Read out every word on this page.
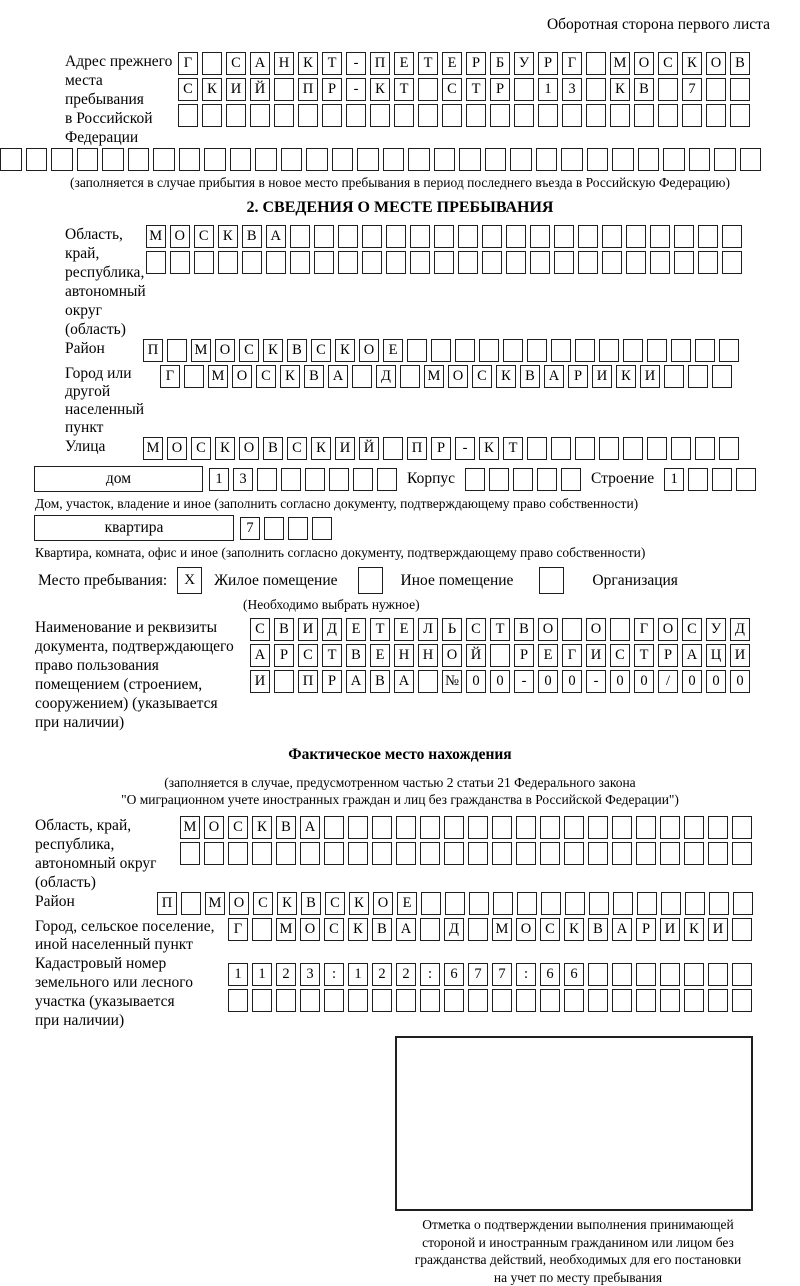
Оборотная сторона первого листа
Адрес прежнего
места пребывания
в Российской
Федерации
Г	С А Н К	Т	-	П Е	Т	Е	Р	Б	У	Р	Г	М О С К О В
С К И Й	П	Р	-	К	Т	С	Т	Р	1	3	К В	7
(заполняется в случае прибытия в новое место пребывания в период последнего въезда в Российскую Федерацию)
2. СВЕДЕНИЯ О МЕСТЕ ПРЕБЫВАНИЯ
Область, край,
республика,
автономный
округ (область)
М О С К В А
Район	П	М О С К В С К О Е
Город или другой
населенный пункт
Г	М О С К В А	Д	М О С К В А	Р	И К И
Улица	М О С К О В С К И Й	П	Р	-	К	Т
дом	1	3	Корпус	Строение	1
Дом, участок, владение и иное (заполнить согласно документу, подтверждающему право собственности)
квартира	7
Квартира, комната, офис и иное (заполнить согласно документу, подтверждающему право собственности)
Место пребывания:	X	Жилое помещение	Иное помещение	Организация
(Необходимо выбрать нужное)
Наименование и реквизиты
документа, подтверждающего
право пользования
помещением (строением,
сооружением) (указывается
при наличии)
С В И Д	Е	Т	Е	Л	Ь	С	Т	В О	О	Г	О С У Д
А	Р	С	Т	В	Е Н Н О Й	Р	Е	Г	И С	Т	Р	А Ц И
И	П	Р	А В А	№ 0	0	-	0	0	-	0	0	/	0	0	0
Фактическое место нахождения
(заполняется в случае, предусмотренном частью 2 статьи 21 Федерального закона
"О миграционном учете иностранных граждан и лиц без гражданства в Российской Федерации")
Область, край,
республика,
автономный округ
(область)
М О С К В А
Район	П	М О С К В С К О Е
Город, сельское поселение,
иной населенный пункт
Г	М О С К В А	Д	М О С К В А	Р	И К И
Кадастровый номер
земельного или лесного
участка (указывается
при наличии)
1	1	2	3	:	1	2	2	:	6	7	7	:	6	6
Отметка о подтверждении выполнения принимающей
стороной и иностранным гражданином или лицом без
гражданства действий, необходимых для его постановки
на учет по месту пребывания
